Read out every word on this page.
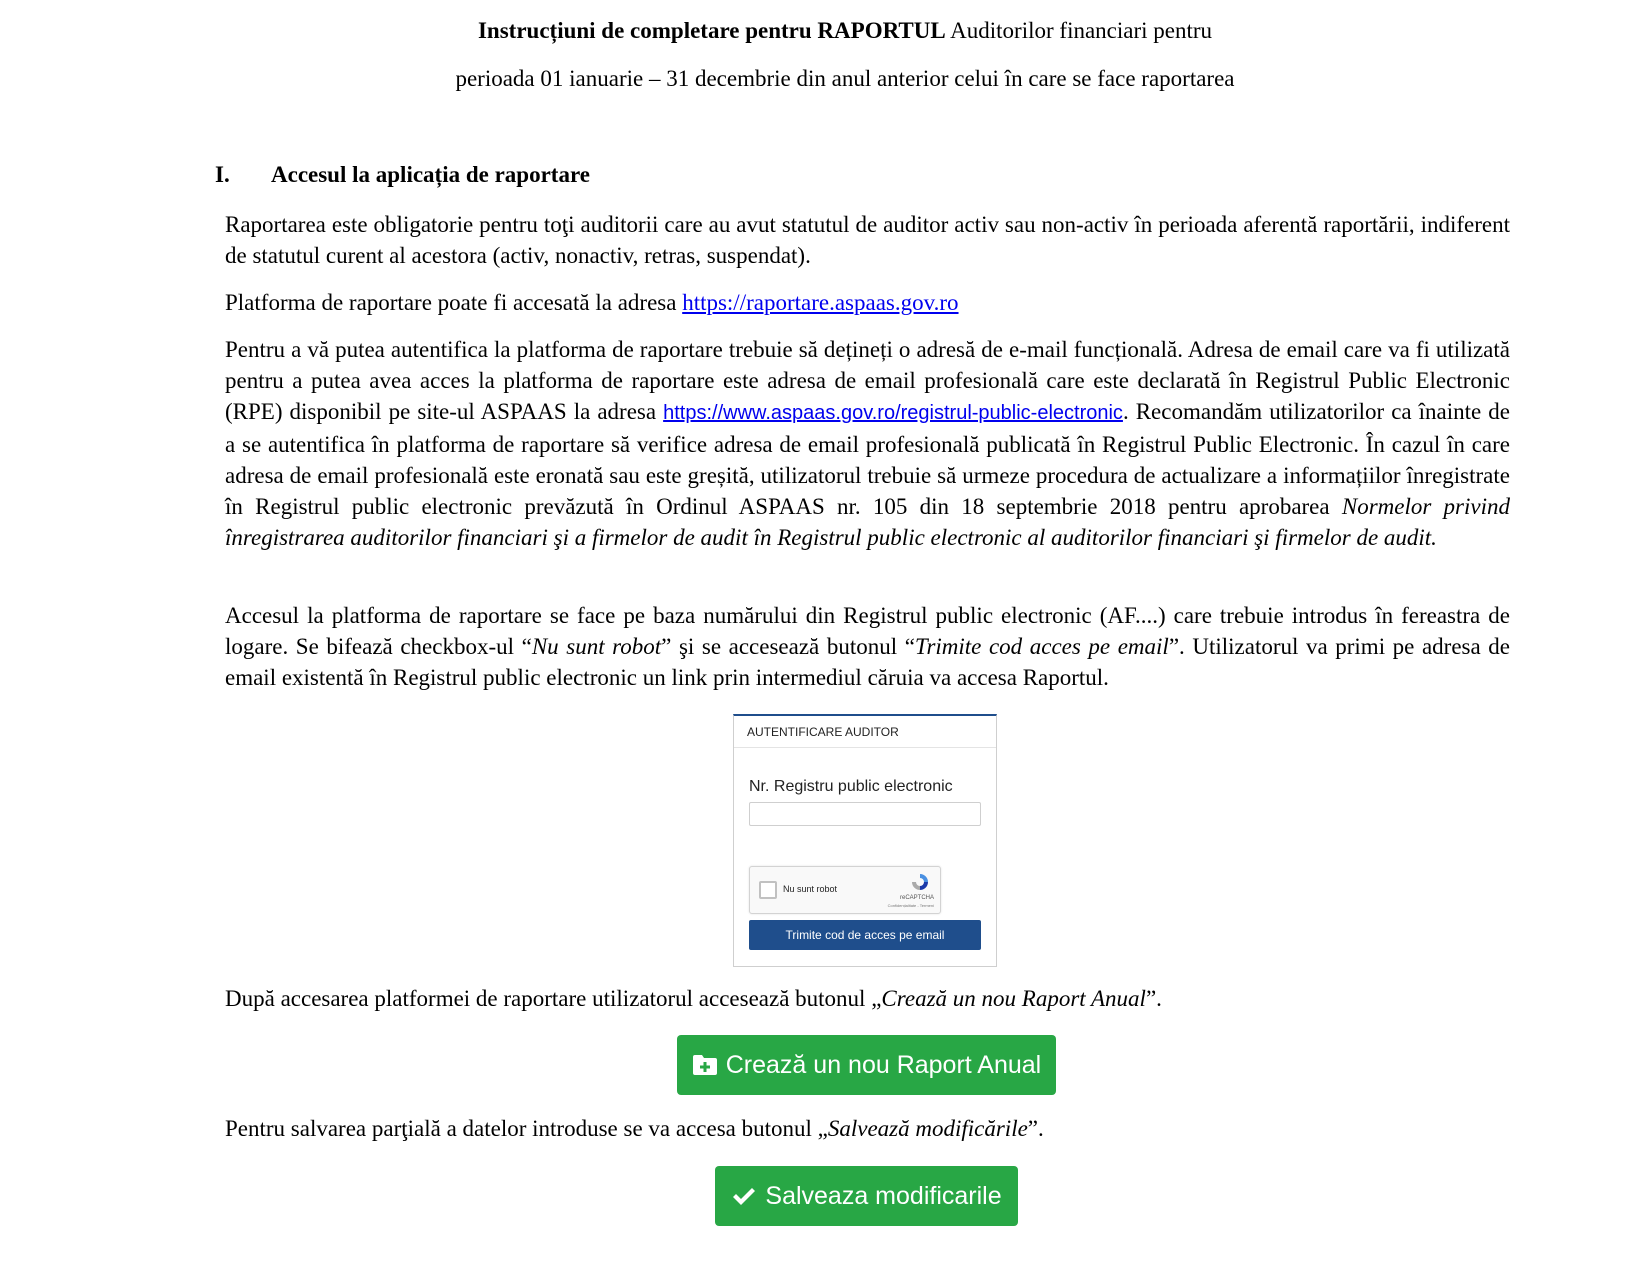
Instrucțiuni de completare pentru RAPORTUL Auditorilor financiari pentru
perioada 01 ianuarie – 31 decembrie din anul anterior celui în care se face raportarea
I. Accesul la aplicația de raportare

Raportarea este obligatorie pentru toţi auditorii care au avut statutul de auditor activ sau non-activ în perioada aferentă raportării, indiferent de statutul curent al acestora (activ, nonactiv, retras, suspendat).

Platforma de raportare poate fi accesată la adresa https://raportare.aspaas.gov.ro

Pentru a vă putea autentifica la platforma de raportare trebuie să dețineți o adresă de e-mail funcțională. Adresa de email care va fi utilizată pentru a putea avea acces la platforma de raportare este adresa de email profesională care este declarată în Registrul Public Electronic (RPE) disponibil pe site-ul ASPAAS la adresa https://www.aspaas.gov.ro/registrul-public-electronic. Recomandăm utilizatorilor ca înainte de a se autentifica în platforma de raportare să verifice adresa de email profesională publicată în Registrul Public Electronic. În cazul în care adresa de email profesională este eronată sau este greșită, utilizatorul trebuie să urmeze procedura de actualizare a informațiilor înregistrate în Registrul public electronic prevăzută în Ordinul ASPAAS nr. 105 din 18 septembrie 2018 pentru aprobarea Normelor privind înregistrarea auditorilor financiari şi a firmelor de audit în Registrul public electronic al auditorilor financiari şi firmelor de audit.

Accesul la platforma de raportare se face pe baza numărului din Registrul public electronic (AF....) care trebuie introdus în fereastra de logare. Se bifează checkbox-ul “Nu sunt robot” şi se accesează butonul “Trimite cod acces pe email”. Utilizatorul va primi pe adresa de email existentă în Registrul public electronic un link prin intermediul căruia va accesa Raportul.

AUTENTIFICARE AUDITOR
Nr. Registru public electronic
Nu sunt robot
reCAPTCHA
Confidențialitate - Termeni
Trimite cod de acces pe email

După accesarea platformei de raportare utilizatorul accesează butonul „Crează un nou Raport Anual”.

Crează un nou Raport Anual

Pentru salvarea parţială a datelor introduse se va accesa butonul „Salvează modificările”.

Salveaza modificarile
